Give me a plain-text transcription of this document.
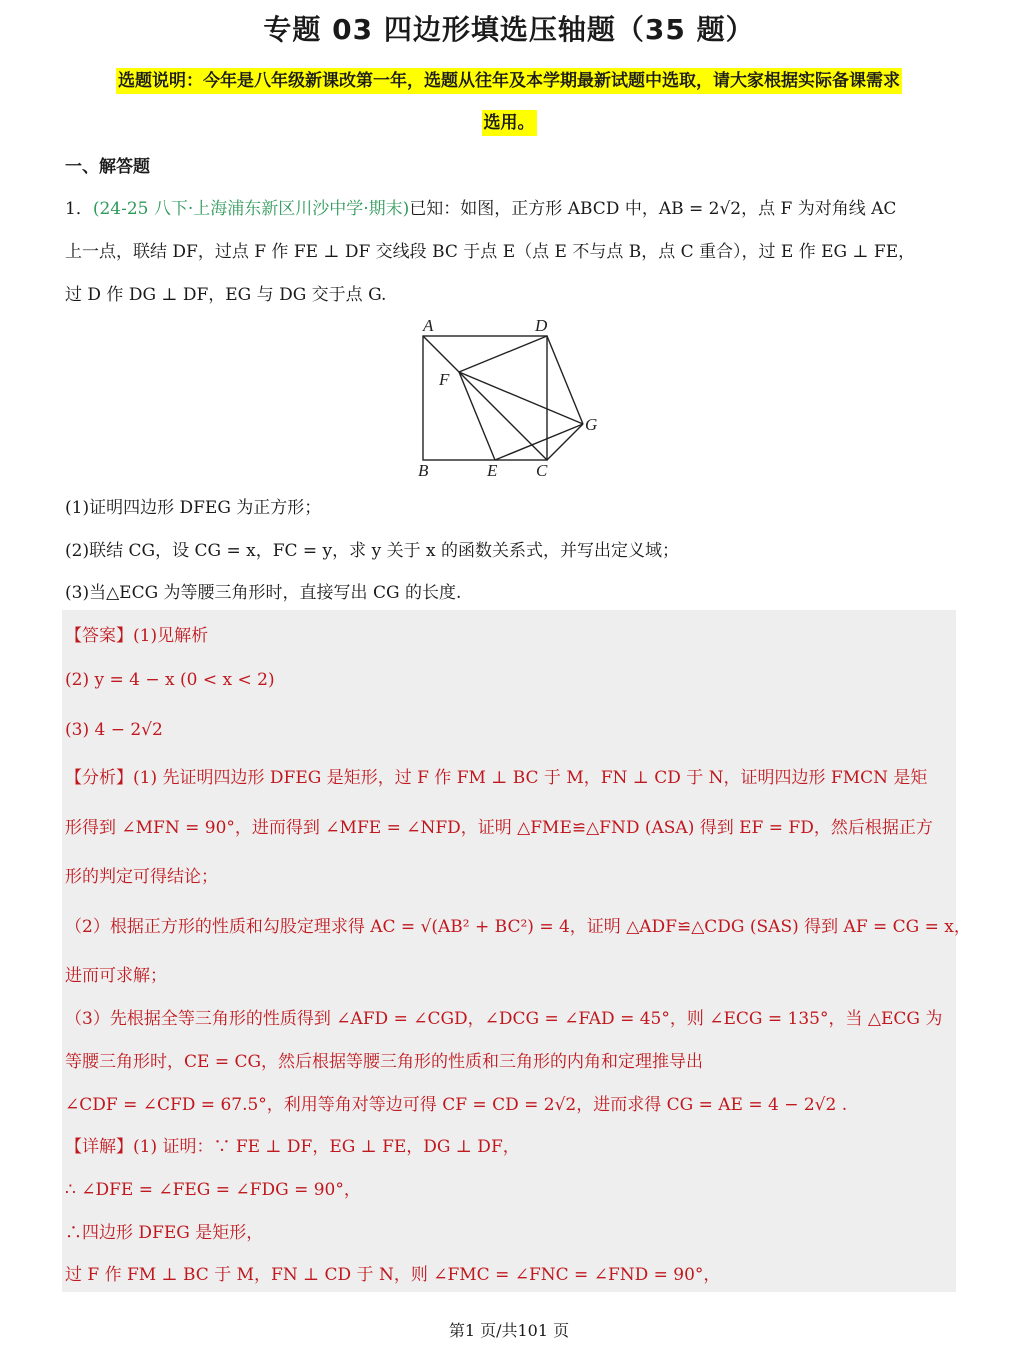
专题 03 四边形填选压轴题（35 题）
选题说明：今年是八年级新课改第一年，选题从往年及本学期最新试题中选取，请大家根据实际备课需求
选用。
一、解答题
1．(24-25 八下·上海浦东新区川沙中学·期末)已知：如图，正方形 ABCD 中，AB = 2√2，点 F 为对角线 AC
上一点，联结 DF，过点 F 作 FE ⊥ DF 交线段 BC 于点 E（点 E 不与点 B，点 C 重合），过 E 作 EG ⊥ FE，
过 D 作 DG ⊥ DF，EG 与 DG 交于点 G.
A	D
F
G
B	E C
(1)证明四边形 DFEG 为正方形；
(2)联结 CG，设 CG = x，FC = y，求 y 关于 x 的函数关系式，并写出定义域；
(3)当△ECG 为等腰三角形时，直接写出 CG 的长度.
【答案】(1)见解析
(2) y = 4 − x (0 < x < 2)
(3) 4 − 2√2
【分析】(1) 先证明四边形 DFEG 是矩形，过 F 作 FM ⊥ BC 于 M，FN ⊥ CD 于 N，证明四边形 FMCN 是矩
形得到 ∠MFN = 90°，进而得到 ∠MFE = ∠NFD，证明 △FME≌△FND (ASA) 得到 EF = FD，然后根据正方
形的判定可得结论；
（2）根据正方形的性质和勾股定理求得 AC = √(AB² + BC²) = 4，证明 △ADF≌△CDG (SAS) 得到 AF = CG = x，
进而可求解；
（3）先根据全等三角形的性质得到 ∠AFD = ∠CGD，∠DCG = ∠FAD = 45°，则 ∠ECG = 135°，当 △ECG 为
等腰三角形时，CE = CG，然后根据等腰三角形的性质和三角形的内角和定理推导出
∠CDF = ∠CFD = 67.5°，利用等角对等边可得 CF = CD = 2√2，进而求得 CG = AE = 4 − 2√2 .
【详解】(1) 证明：∵ FE ⊥ DF，EG ⊥ FE，DG ⊥ DF，
∴ ∠DFE = ∠FEG = ∠FDG = 90°，
∴四边形 DFEG 是矩形，
过 F 作 FM ⊥ BC 于 M，FN ⊥ CD 于 N，则 ∠FMC = ∠FNC = ∠FND = 90°，
第1 页/共101 页
